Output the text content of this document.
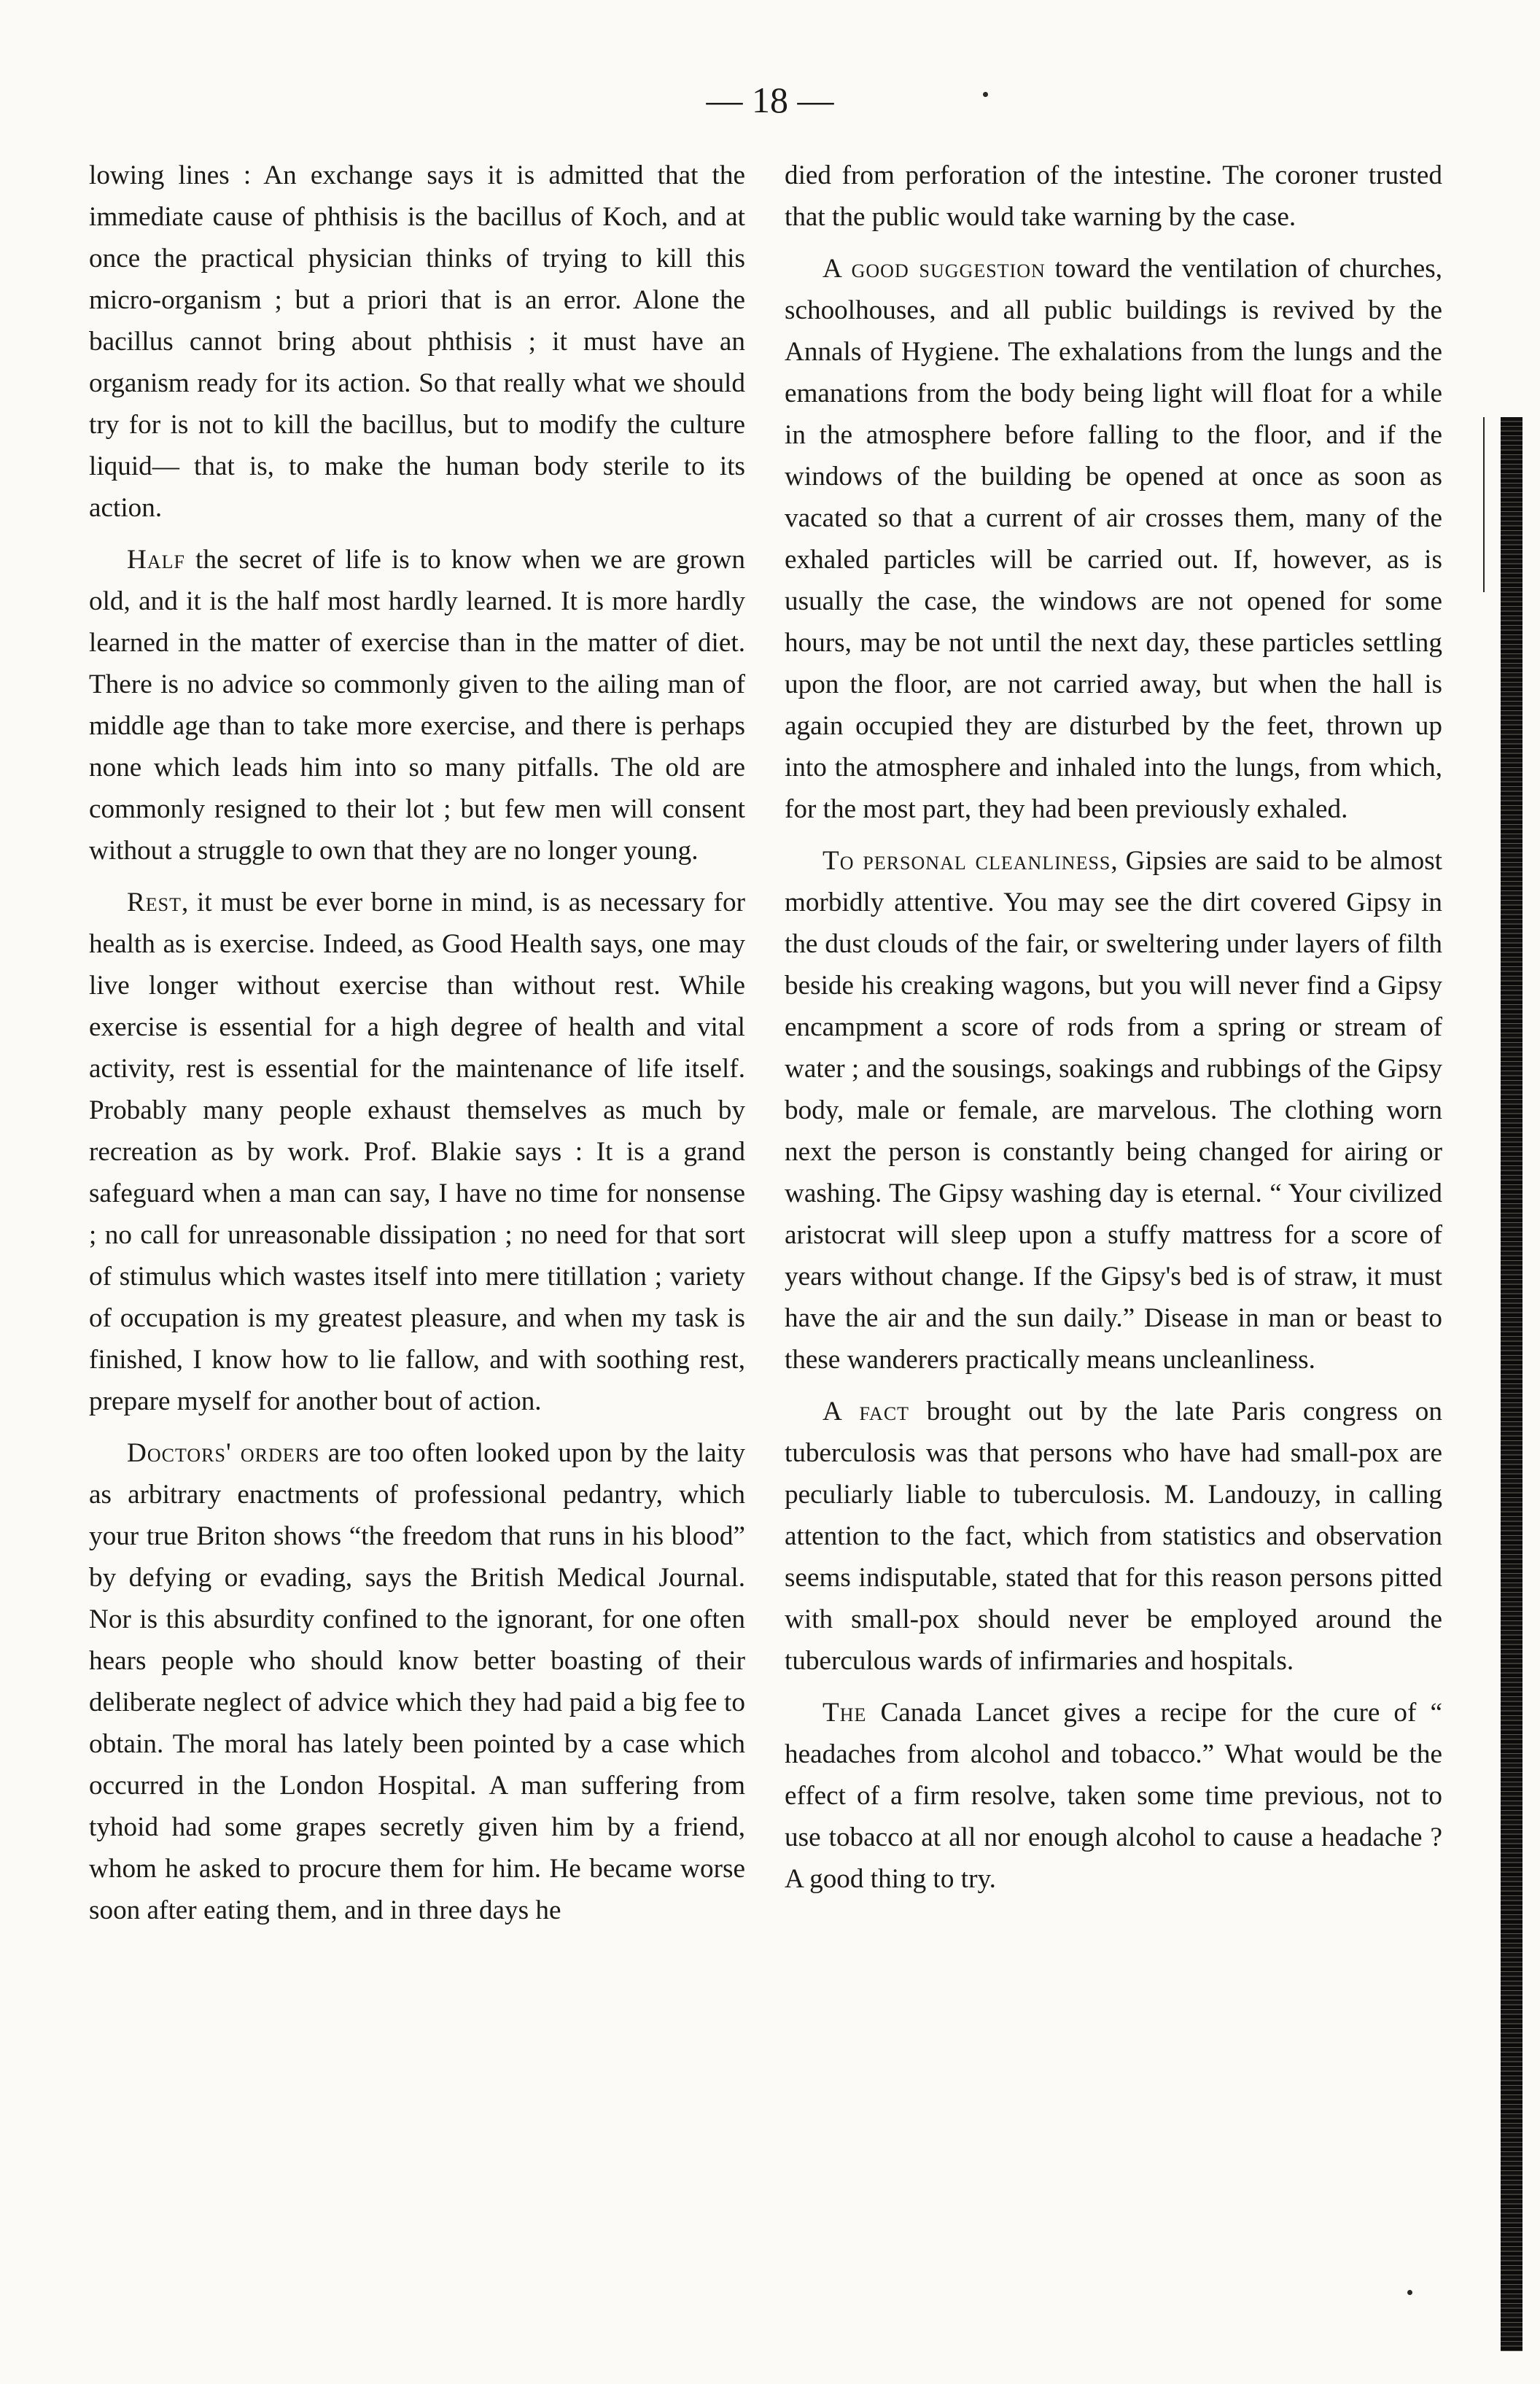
— 18 —

lowing lines : An exchange says it is admitted that the immediate cause of phthisis is the bacillus of Koch, and at once the practical physician thinks of trying to kill this micro-organism ; but a priori that is an error. Alone the bacillus cannot bring about phthisis ; it must have an organism ready for its action. So that really what we should try for is not to kill the bacillus, but to modify the culture liquid— that is, to make the human body sterile to its action.

Half the secret of life is to know when we are grown old, and it is the half most hardly learned. It is more hardly learned in the matter of exercise than in the matter of diet. There is no advice so commonly given to the ailing man of middle age than to take more exercise, and there is perhaps none which leads him into so many pitfalls. The old are commonly resigned to their lot ; but few men will consent without a struggle to own that they are no longer young.

Rest, it must be ever borne in mind, is as necessary for health as is exercise. Indeed, as Good Health says, one may live longer without exercise than without rest. While exercise is essential for a high degree of health and vital activity, rest is essential for the maintenance of life itself. Probably many people exhaust themselves as much by recreation as by work. Prof. Blakie says : It is a grand safeguard when a man can say, I have no time for nonsense ; no call for unreasonable dissipation ; no need for that sort of stimulus which wastes itself into mere titillation ; variety of occupation is my greatest pleasure, and when my task is finished, I know how to lie fallow, and with soothing rest, prepare myself for another bout of action.

Doctors' orders are too often looked upon by the laity as arbitrary enactments of professional pedantry, which your true Briton shows “the freedom that runs in his blood” by defying or evading, says the British Medical Journal. Nor is this absurdity confined to the ignorant, for one often hears people who should know better boasting of their deliberate neglect of advice which they had paid a big fee to obtain. The moral has lately been pointed by a case which occurred in the London Hospital. A man suffering from tyhoid had some grapes secretly given him by a friend, whom he asked to procure them for him. He became worse soon after eating them, and in three days he

died from perforation of the intestine. The coroner trusted that the public would take warning by the case.

A good suggestion toward the ventilation of churches, schoolhouses, and all public buildings is revived by the Annals of Hygiene. The exhalations from the lungs and the emanations from the body being light will float for a while in the atmosphere before falling to the floor, and if the windows of the building be opened at once as soon as vacated so that a current of air crosses them, many of the exhaled particles will be carried out. If, however, as is usually the case, the windows are not opened for some hours, may be not until the next day, these particles settling upon the floor, are not carried away, but when the hall is again occupied they are disturbed by the feet, thrown up into the atmosphere and inhaled into the lungs, from which, for the most part, they had been previously exhaled.

To personal cleanliness, Gipsies are said to be almost morbidly attentive. You may see the dirt covered Gipsy in the dust clouds of the fair, or sweltering under layers of filth beside his creaking wagons, but you will never find a Gipsy encampment a score of rods from a spring or stream of water ; and the sousings, soakings and rubbings of the Gipsy body, male or female, are marvelous. The clothing worn next the person is constantly being changed for airing or washing. The Gipsy washing day is eternal. “ Your civilized aristocrat will sleep upon a stuffy mattress for a score of years without change. If the Gipsy's bed is of straw, it must have the air and the sun daily.” Disease in man or beast to these wanderers practically means uncleanliness.

A fact brought out by the late Paris congress on tuberculosis was that persons who have had small-pox are peculiarly liable to tuberculosis. M. Landouzy, in calling attention to the fact, which from statistics and observation seems indisputable, stated that for this reason persons pitted with small-pox should never be employed around the tuberculous wards of infirmaries and hospitals.

The Canada Lancet gives a recipe for the cure of “ headaches from alcohol and tobacco.” What would be the effect of a firm resolve, taken some time previous, not to use tobacco at all nor enough alcohol to cause a headache ? A good thing to try.
